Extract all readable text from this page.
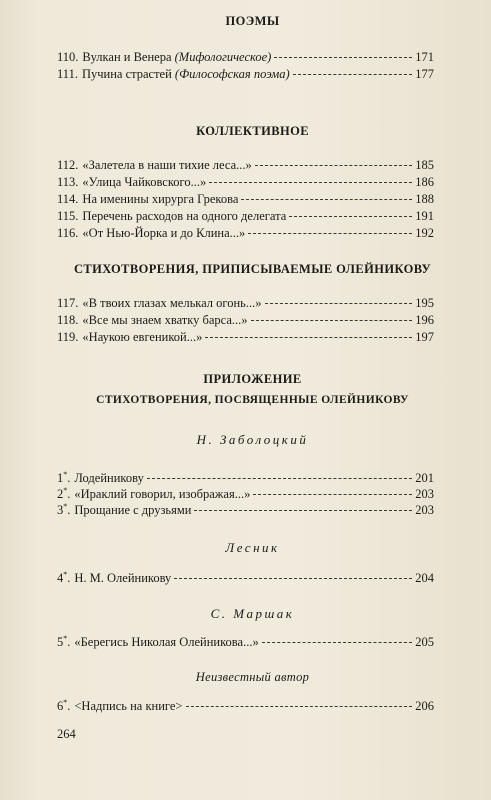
ПОЭМЫ
110. Вулкан и Венера (Мифологическое)	171
111. Пучина страстей (Философская поэма)	177
КОЛЛЕКТИВНОЕ
112. «Залетела в наши тихие леса...»	185
113. «Улица Чайковского...»	186
114. На именины хирурга Грекова	188
115. Перечень расходов на одного делегата	191
116. «От Нью-Йорка и до Клина...»	192
СТИХОТВОРЕНИЯ, ПРИПИСЫВАЕМЫЕ ОЛЕЙНИКОВУ
117. «В твоих глазах мелькал огонь...»	195
118. «Все мы знаем хватку барса...»	196
119. «Наукою евгеникой...»	197
ПРИЛОЖЕНИЕ
СТИХОТВОРЕНИЯ, ПОСВЯЩЕННЫЕ ОЛЕЙНИКОВУ
Н. Заболоцкий
1*. Лодейникову	201
2*. «Ираклий говорил, изображая...»	203
3*. Прощание с друзьями	203
Лесник
4*. Н. М. Олейникову	204
С. Маршак
5*. «Берегись Николая Олейникова...»	205
Неизвестный автор
6*. <Надпись на книге>	206
264
